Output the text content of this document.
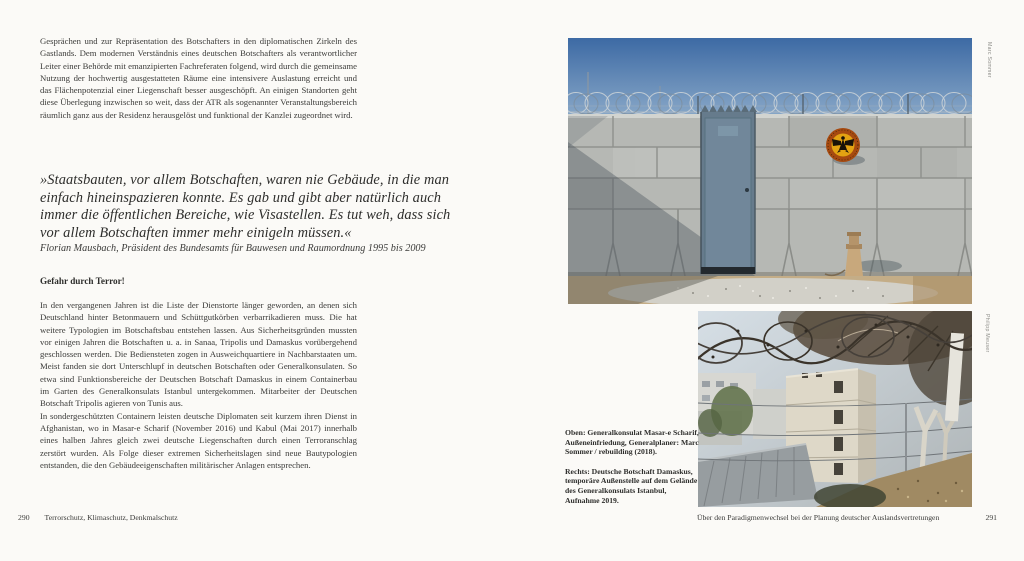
Gesprächen und zur Repräsentation des Botschafters in den diplomatischen Zirkeln des Gastlands. Dem modernen Verständnis eines deutschen Botschafters als verantwortlicher Leiter einer Behörde mit emanzipierten Fachreferaten folgend, wird durch die gemeinsame Nutzung der hochwertig ausgestatteten Räume eine intensivere Auslastung erreicht und das Flächenpotenzial einer Liegenschaft besser ausgeschöpft. An einigen Standorten geht diese Überlegung inzwischen so weit, dass der ATR als sogenannter Veranstaltungsbereich räumlich ganz aus der Residenz herausgelöst und funktional der Kanzlei zugeordnet wird.

»Staatsbauten, vor allem Botschaften, waren nie Gebäude, in die man einfach hineinspazieren konnte. Es gab und gibt aber natürlich auch immer die öffentlichen Bereiche, wie Visastellen. Es tut weh, dass sich vor allem Botschaften immer mehr einigeln müssen.«
Florian Mausbach, Präsident des Bundesamts für Bauwesen und Raumordnung 1995 bis 2009
Gefahr durch Terror!

In den vergangenen Jahren ist die Liste der Dienstorte länger geworden, an denen sich Deutschland hinter Betonmauern und Schüttgutkörben verbarrikadieren muss. Die hat weitere Typologien im Botschaftsbau entstehen lassen. Aus Sicherheitsgründen mussten vor einigen Jahren die Botschaften u. a. in Sanaa, Tripolis und Damaskus vorübergehend geschlossen werden. Die Bediensteten zogen in Ausweichquartiere in Nachbarstaaten um. Meist fanden sie dort Unterschlupf in deutschen Botschaften oder Generalkonsulaten. So etwa sind Funktionsbereiche der Deutschen Botschaft Damaskus in einem Containerbau im Garten des Generalkonsulats Istanbul untergekommen. Mitarbeiter der Deutschen Botschaft Tripolis agieren von Tunis aus.

In sondergeschützten Containern leisten deutsche Diplomaten seit kurzem ihren Dienst in Afghanistan, wo in Masar-e Scharif (November 2016) und Kabul (Mai 2017) innerhalb eines halben Jahres gleich zwei deutsche Liegenschaften durch einen Terroranschlag zerstört wurden. Als Folge dieser extremen Sicherheitslagen sind neue Bautypologien entstanden, die den Gebäudeeigenschaften militärischer Anlagen entsprechen.

290 Terrorschutz, Klimaschutz, Denkmalschutz
Marc Sommer
Philipp Meuser

Oben: Generalkonsulat Masar-e Scharif, Außeneinfriedung, Generalplaner: Marc Sommer / rebuilding (2018).

Rechts: Deutsche Botschaft Damaskus, temporäre Außenstelle auf dem Gelände des Generalkonsulats Istanbul, Aufnahme 2019.

Über den Paradigmenwechsel bei der Planung deutscher Auslandsvertretungen	291
